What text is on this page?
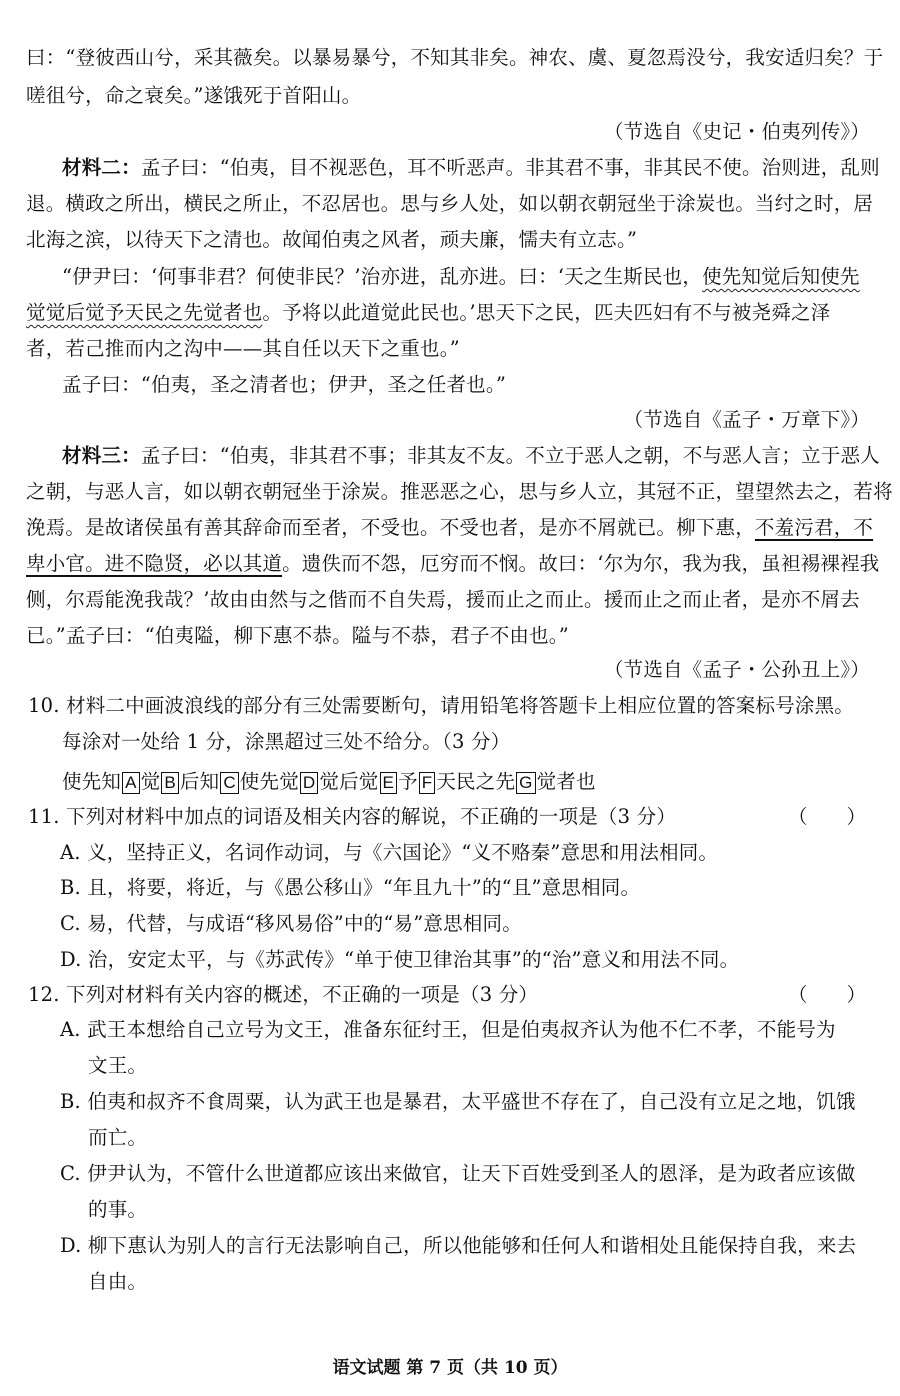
曰：“登彼西山兮，采其薇矣。以暴易暴兮，不知其非矣。神农、虞、夏忽焉没兮，我安适归矣？于
嗟徂兮，命之衰矣。”遂饿死于首阳山。
（节选自《史记・伯夷列传》）
材料二：孟子曰：“伯夷，目不视恶色，耳不听恶声。非其君不事，非其民不使。治则进，乱则
退。横政之所出，横民之所止，不忍居也。思与乡人处，如以朝衣朝冠坐于涂炭也。当纣之时，居
北海之滨，以待天下之清也。故闻伯夷之风者，顽夫廉，懦夫有立志。”
“伊尹曰：‘何事非君？何使非民？’治亦进，乱亦进。曰：‘天之生斯民也，使先知觉后知使先
觉觉后觉予天民之先觉者也。予将以此道觉此民也。’思天下之民，匹夫匹妇有不与被尧舜之泽
者，若己推而内之沟中——其自任以天下之重也。”
孟子曰：“伯夷，圣之清者也；伊尹，圣之任者也。”
（节选自《孟子・万章下》）
材料三：孟子曰：“伯夷，非其君不事；非其友不友。不立于恶人之朝，不与恶人言；立于恶人
之朝，与恶人言，如以朝衣朝冠坐于涂炭。推恶恶之心，思与乡人立，其冠不正，望望然去之，若将
浼焉。是故诸侯虽有善其辞命而至者，不受也。不受也者，是亦不屑就已。柳下惠，不羞污君，不
卑小官。进不隐贤，必以其道。遗佚而不怨，厄穷而不悯。故曰：‘尔为尔，我为我，虽袒裼裸裎我
侧，尔焉能浼我哉？’故由由然与之偕而不自失焉，援而止之而止。援而止之而止者，是亦不屑去
已。”孟子曰：“伯夷隘，柳下惠不恭。隘与不恭，君子不由也。”
（节选自《孟子・公孙丑上》）
10. 材料二中画波浪线的部分有三处需要断句，请用铅笔将答题卡上相应位置的答案标号涂黑。
每涂对一处给 1 分，涂黑超过三处不给分。（3 分）
使先知 A 觉 B 后知 C 使先觉 D 觉后觉 E 予 F 天民之先 G 觉者也
11. 下列对材料中加点的词语及相关内容的解说，不正确的一项是（3 分）	（　　）
A. 义，坚持正义，名词作动词，与《六国论》“义不赂秦”意思和用法相同。
B. 且，将要，将近，与《愚公移山》“年且九十”的“且”意思相同。
C. 易，代替，与成语“移风易俗”中的“易”意思相同。
D. 治，安定太平，与《苏武传》“单于使卫律治其事”的“治”意义和用法不同。
12. 下列对材料有关内容的概述，不正确的一项是（3 分）	（　　）
A. 武王本想给自己立号为文王，准备东征纣王，但是伯夷叔齐认为他不仁不孝，不能号为
文王。
B. 伯夷和叔齐不食周粟，认为武王也是暴君，太平盛世不存在了，自己没有立足之地，饥饿
而亡。
C. 伊尹认为，不管什么世道都应该出来做官，让天下百姓受到圣人的恩泽，是为政者应该做
的事。
D. 柳下惠认为别人的言行无法影响自己，所以他能够和任何人和谐相处且能保持自我，来去
自由。
语文试题 第 7 页（共 10 页）
